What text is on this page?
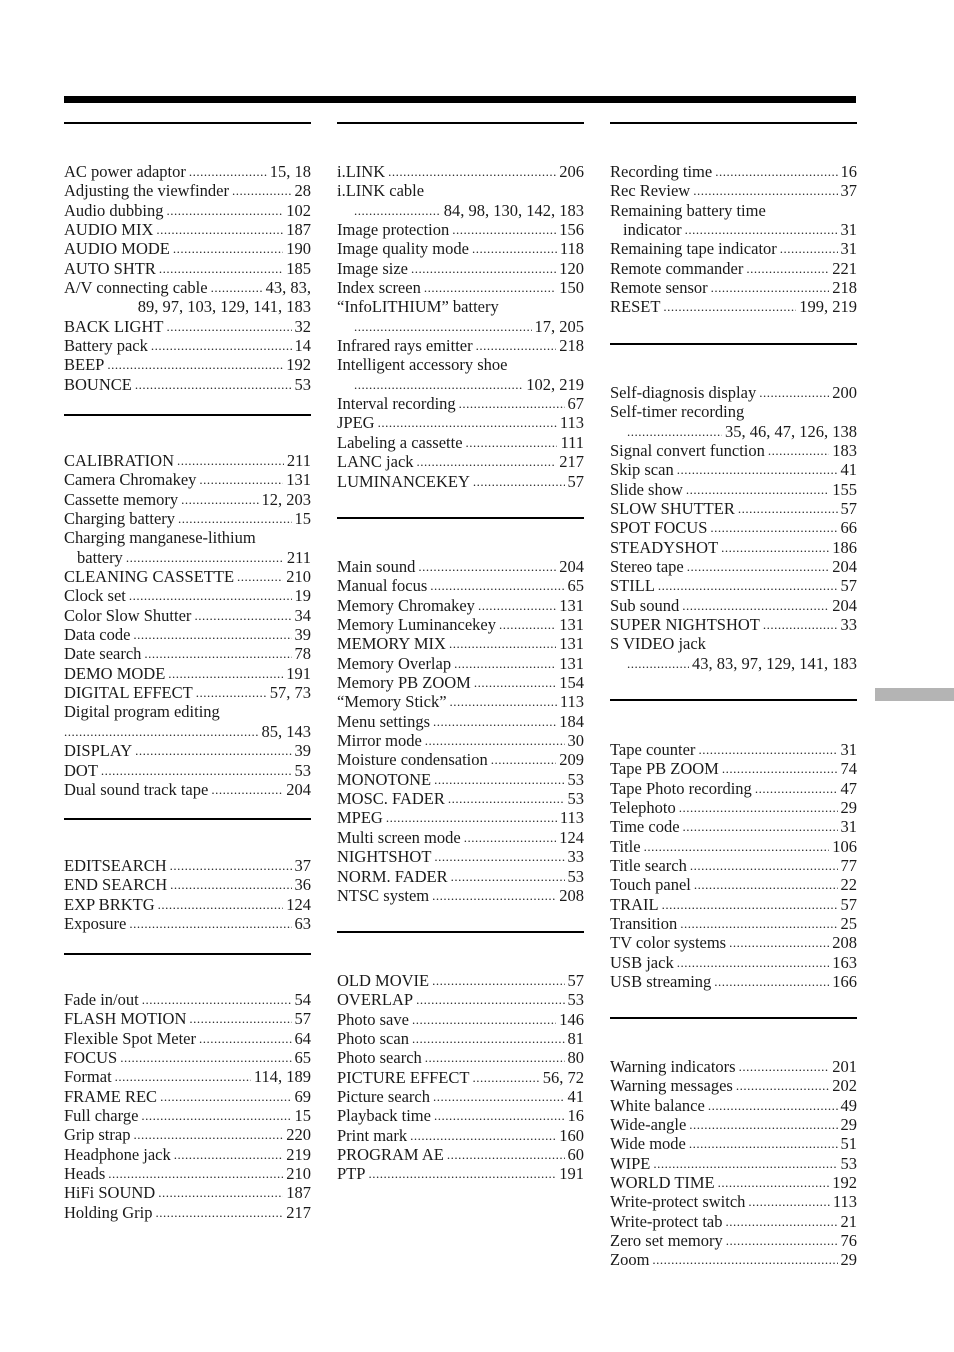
AC power adaptor .....	15, 18
Adjusting the viewfinder .....	28
Audio dubbing .....	102
AUDIO MIX .....	187
AUDIO MODE .....	190
AUTO SHTR .....	185
A/V connecting cable .....	43, 83,
89, 97, 103, 129, 141, 183
BACK LIGHT .....	32
Battery pack .....	14
BEEP .....	192
BOUNCE .....	53
CALIBRATION .....	211
Camera Chromakey .....	131
Cassette memory .....	12, 203
Charging battery .....	15
Charging manganese-lithium
battery .....	211
CLEANING CASSETTE .....	210
Clock set .....	19
Color Slow Shutter .....	34
Data code .....	39
Date search .....	78
DEMO MODE .....	191
DIGITAL EFFECT .....	57, 73
Digital program editing
.....
85, 143
DISPLAY .....	39
DOT .....	53
Dual sound track tape .....	204
EDITSEARCH .....	37
END SEARCH .....	36
EXP BRKTG .....	124
Exposure .....	63
Fade in/out .....	54
FLASH MOTION .....	57
Flexible Spot Meter .....	64
FOCUS .....	65
Format .....	114, 189
FRAME REC .....	69
Full charge .....	15
Grip strap .....	220
Headphone jack .....	219
Heads .....	210
HiFi SOUND .....	187
Holding Grip .....	217
i.LINK .....	206
i.LINK cable
.....
84, 98, 130, 142, 183
Image protection .....	156
Image quality mode .....	118
Image size .....	120
Index screen .....	150
“InfoLITHIUM” battery
.....
17, 205
Infrared rays emitter .....	218
Intelligent accessory shoe
.....
102, 219
Interval recording .....	67
JPEG .....	113
Labeling a cassette .....	111
LANC jack .....	217
LUMINANCEKEY .....	57
Main sound .....	204
Manual focus .....	65
Memory Chromakey .....	131
Memory Luminancekey .....	131
MEMORY MIX .....	131
Memory Overlap .....	131
Memory PB ZOOM .....	154
“Memory Stick” .....	113
Menu settings .....	184
Mirror mode .....	30
Moisture condensation .....	209
MONOTONE .....	53
MOSC. FADER .....	53
MPEG .....	113
Multi screen mode .....	124
NIGHTSHOT .....	33
NORM. FADER .....	53
NTSC system .....	208
OLD MOVIE .....	57
OVERLAP .....	53
Photo save .....	146
Photo scan .....	81
Photo search .....	80
PICTURE EFFECT .....	56, 72
Picture search .....	41
Playback time .....	16
Print mark .....	160
PROGRAM AE .....	60
PTP .....	191
Recording time .....	16
Rec Review .....	37
Remaining battery time
indicator .....	31
Remaining tape indicator .....	31
Remote commander .....	221
Remote sensor .....	218
RESET .....	199, 219
Self-diagnosis display .....	200
Self-timer recording
.....
35, 46, 47, 126, 138
Signal convert function .....	183
Skip scan .....	41
Slide show .....	155
SLOW SHUTTER .....	57
SPOT FOCUS .....	66
STEADYSHOT .....	186
Stereo tape .....	204
STILL .....	57
Sub sound .....	204
SUPER NIGHTSHOT .....	33
S VIDEO jack
.....
43, 83, 97, 129, 141, 183
Tape counter .....	31
Tape PB ZOOM .....	74
Tape Photo recording .....	47
Telephoto .....	29
Time code .....	31
Title .....	106
Title search .....	77
Touch panel .....	22
TRAIL .....	57
Transition .....	25
TV color systems .....	208
USB jack .....	163
USB streaming .....	166
Warning indicators .....	201
Warning messages .....	202
White balance .....	49
Wide-angle .....	29
Wide mode .....	51
WIPE .....	53
WORLD TIME .....	192
Write-protect switch .....	113
Write-protect tab .....	21
Zero set memory .....	76
Zoom .....	29
